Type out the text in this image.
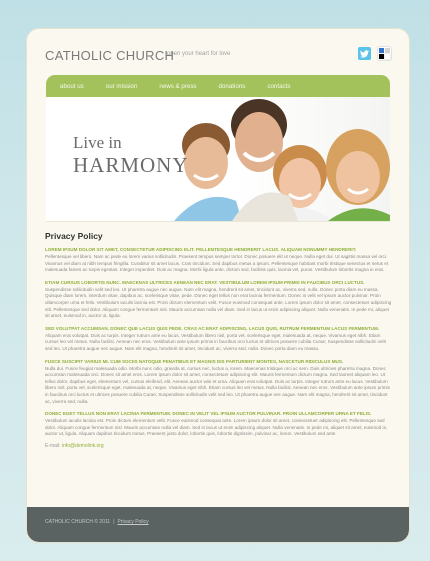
CATHOLIC CHURCH
open your heart for love
about us	our mission	news & press	donations	contacts
Live in
HARMONY
Privacy Policy
LOREM IPSUM DOLOR SIT AMET, CONSECTETUR ADIPISCING ELIT. PELLENTESQUE HENDRERIT LACUS. ALIQUAM NONUMMY HENDRERIT.

Pellentesque vel libero. Nam ac pede eu lorem varius sollicitudin. Praesent tempus semper tortor. Donec posuere elit ut neque. Nulla eget dui. Ut sagittis massa vel orci. Vivamus vel diam at nibh tempus fringilla. Curabitur sit amet lacus. Cras tincidunt. Sed dapibus metus a ipsum. Pellentesque habitant morbi tristique senectus et netus et malesuada fames ac turpis egestas. Integer imperdiet. Duis ac magna. Morbi ligula ante, dictum sed, facilisis quis, lacinia vel, purus. Vestibulum lobortis magna in erat.

ETIAM CURSUS LOBORTIS NUNC. MAECENAS ULTRICES AENEAN NEC ERAT. VESTIBULUM LOREM IPSUM PRIMIS IN FAUCIBUS ORCI LUCTUS.

Suspendisse sollicitudin velit sed leo. Ut pharetra augue nec augue. Nam elit magna, hendrerit sit amet, tincidunt ac, viverra sed, nulla. Donec porta diam eu massa. Quisque diam lorem, interdum vitae, dapibus ac, scelerisque vitae, pede. Donec eget tellus non erat lacinia fermentum. Donec in velit vel ipsum auctor pulvinar. Proin ullamcorper urna et felis. Vestibulum iaculis lacinia est. Proin dictum elementum velit. Fusce euismod consequat ante. Lorem ipsum dolor sit amet, consectetuer adipiscing elit. Pellentesque sed dolor. Aliquam congue fermentum nisl. Mauris accumsan nulla vel diam. Sed in lacus ut enim adipiscing aliquet. Nulla venenatis. In pede mi, aliquet sit amet, euismod in, auctor ut, ligula.

SED VOLUTPAT ACCUMSAN. DONEC QUE LACUS QUIS PEDE. CRAS AC ERAT ADIPISCING, LACUS QUIS, RUTRUM FERMENTUM LACUS FERMENTUM.

Aliquam erat volutpat. Duis ac turpis. Integer rutrum ante eu lacus. Vestibulum libero nisl, porta vel, scelerisque eget, malesuada at, neque. Vivamus eget nibh. Etiam cursus leo vel metus. Nulla facilisi. Aenean nec eros. Vestibulum ante ipsum primis in faucibus orci luctus et ultrices posuere cubilia Curae; Suspendisse sollicitudin velit sed leo. Ut pharetra augue nec augue. Nam elit magna, hendrerit sit amet, tincidunt ac, viverra sed, nulla. Donec porta diam eu massa.

FUSCE SUSCIPIT VARIUS MI. CUM SOCIIS NATOQUE PENATIBUS ET MAGNIS DIS PARTURIENT MONTES, NASCETUR RIDICULUS MUS.

Nulla dui. Fusce feugiat malesuada odio. Morbi nunc odio, gravida at, cursus nec, luctus a, lorem. Maecenas tristique orci ac sem. Duis ultricies pharetra magna. Donec accumsan malesuada orci. Donec sit amet eros. Lorem ipsum dolor sit amet, consectetuer adipiscing elit. Mauris fermentum dictum magna. Sed laoreet aliquam leo. Ut tellus dolor, dapibus eget, elementum vel, cursus eleifend, elit. Aenean auctor wisi et urna. Aliquam erat volutpat. Duis ac turpis. Integer rutrum ante eu lacus. Vestibulum libero nisl, porta vel, scelerisque eget, malesuada at, neque. Vivamus eget nibh. Etiam cursus leo vel metus. Nulla facilisi. Aenean nec eros. Vestibulum ante ipsum primis in faucibus orci luctus et ultrices posuere cubilia Curae; Suspendisse sollicitudin velit sed leo. Ut pharetra augue nec augue. Nam elit magna, hendrerit sit amet, tincidunt ac, viverra sed, nulla.

DONEC EGET TELLUS NON ERAT LACINIA FERMENTUM. DONEC IN VELIT VEL IPSUM AUCTOR PULVINAR. PROIN ULLAMCORPER URNA ET FELIS.

Vestibulum iaculis lacinia est. Proin dictum elementum velit. Fusce euismod consequat ante. Lorem ipsum dolor sit amet, consectetuer adipiscing elit. Pellentesque sed dolor. Aliquam congue fermentum nisl. Mauris accumsan nulla vel diam. Sed in lacus ut enim adipiscing aliquet. Nulla venenatis. In pede mi, aliquet sit amet, euismod in, auctor ut, ligula. Aliquam dapibus tincidunt metus. Praesent justo dolor, lobortis quis, lobortis dignissim, pulvinar ac, lorem. Vestibulum sed ante.

E-mail: info@demolink.org
CATHOLIC CHURCH © 2011 | Privacy Policy
